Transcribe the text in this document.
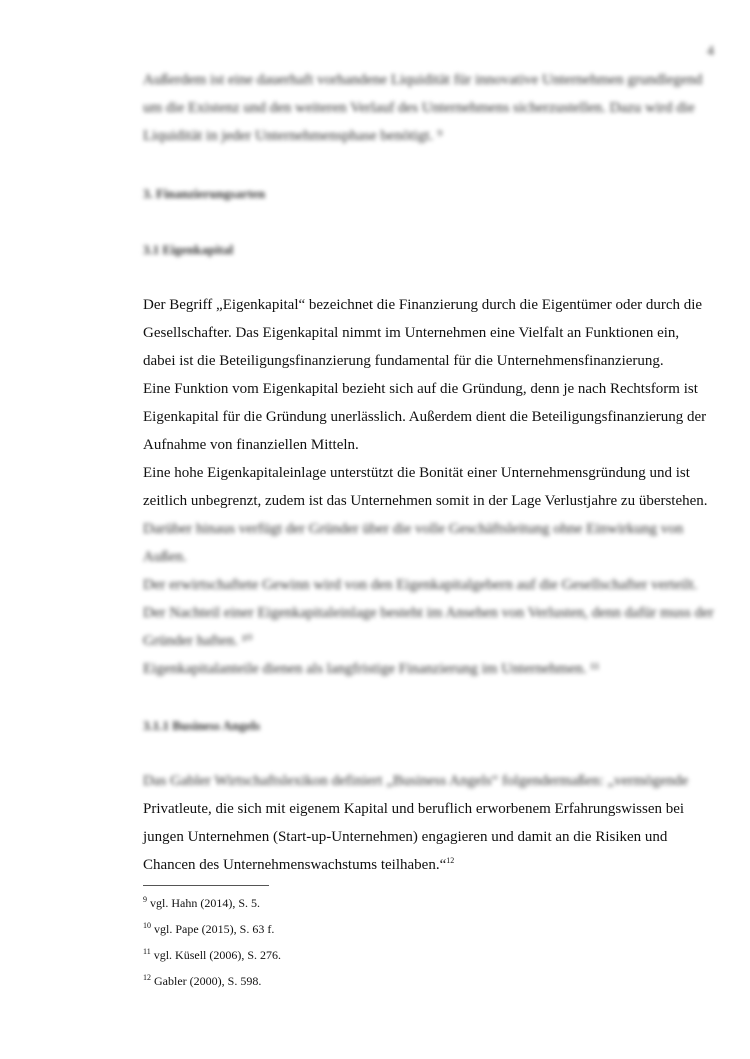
4
Außerdem ist eine dauerhaft vorhandene Liquidität für innovative Unternehmen grundlegend
um die Existenz und den weiteren Verlauf des Unternehmens sicherzustellen. Dazu wird die
Liquidität in jeder Unternehmensphase benötigt. ⁹
3. Finanzierungsarten
3.1 Eigenkapital
Der Begriff „Eigenkapital“ bezeichnet die Finanzierung durch die Eigentümer oder durch die
Gesellschafter. Das Eigenkapital nimmt im Unternehmen eine Vielfalt an Funktionen ein,
dabei ist die Beteiligungsfinanzierung fundamental für die Unternehmensfinanzierung.
Eine Funktion vom Eigenkapital bezieht sich auf die Gründung, denn je nach Rechtsform ist
Eigenkapital für die Gründung unerlässlich. Außerdem dient die Beteiligungsfinanzierung der
Aufnahme von finanziellen Mitteln.
Eine hohe Eigenkapitaleinlage unterstützt die Bonität einer Unternehmensgründung und ist
zeitlich unbegrenzt, zudem ist das Unternehmen somit in der Lage Verlustjahre zu überstehen.
Darüber hinaus verfügt der Gründer über die volle Geschäftsleitung ohne Einwirkung von
Außen.
Der erwirtschaftete Gewinn wird von den Eigenkapitalgebern auf die Gesellschafter verteilt.
Der Nachteil einer Eigenkapitaleinlage besteht im Ansehen von Verlusten, denn dafür muss der
Gründer haften. ¹⁰
Eigenkapitalanteile dienen als langfristige Finanzierung im Unternehmen. ¹¹
3.1.1 Business Angels
Das Gabler Wirtschaftslexikon definiert „Business Angels“ folgendermaßen: „vermögende
Privatleute, die sich mit eigenem Kapital und beruflich erworbenem Erfahrungswissen bei
jungen Unternehmen (Start-up-Unternehmen) engagieren und damit an die Risiken und
Chancen des Unternehmenswachstums teilhaben.“$^{12}$
$^9$ vgl. Hahn (2014), S. 5.
$^{10}$ vgl. Pape (2015), S. 63 f.
$^{11}$ vgl. Küsell (2006), S. 276.
$^{12}$ Gabler (2000), S. 598.
